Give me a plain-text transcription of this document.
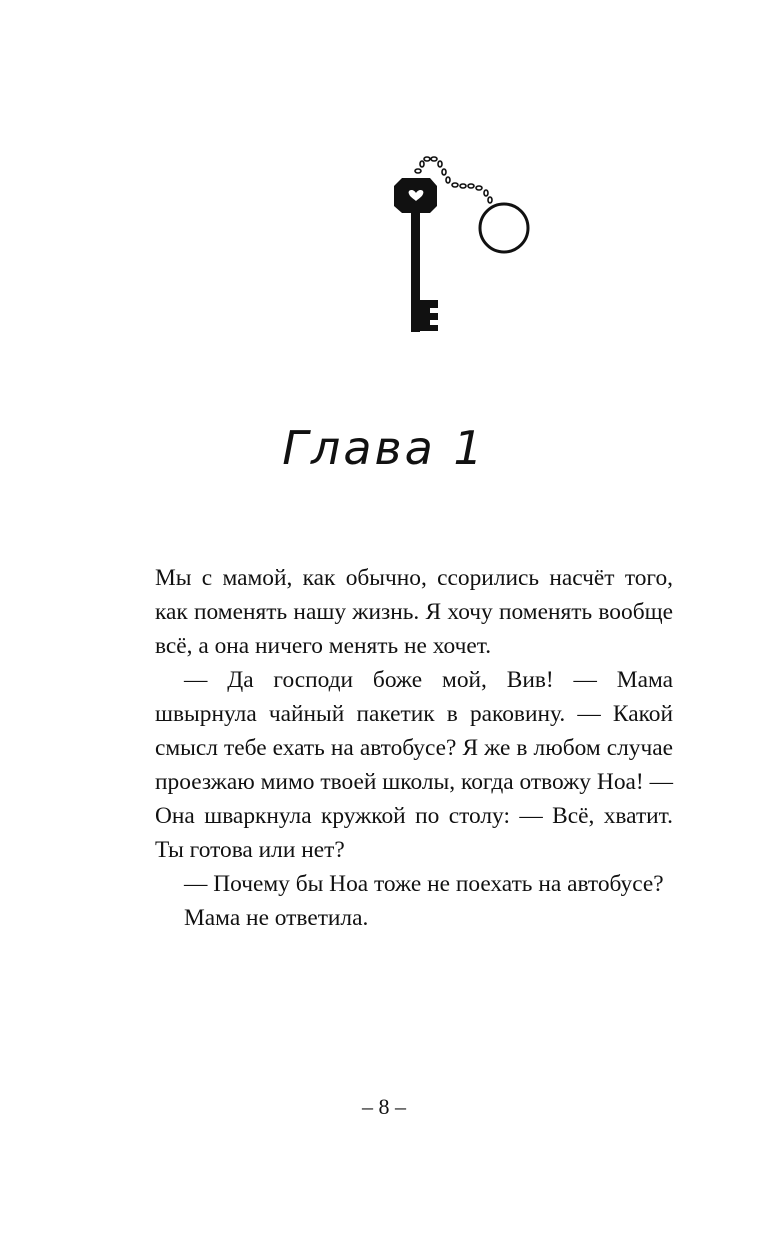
Глава 1

Мы с мамой, как обычно, ссорились насчёт того, как поменять нашу жизнь. Я хочу поменять вообще всё, а она ничего менять не хочет.

— Да господи боже мой, Вив! — Мама швырнула чайный пакетик в раковину. — Какой смысл тебе ехать на автобусе? Я же в любом случае проезжаю мимо твоей школы, когда отвожу Ноа! — Она шваркнула кружкой по столу: — Всё, хватит. Ты готова или нет?

— Почему бы Ноа тоже не поехать на автобусе?

Мама не ответила.

– 8 –
